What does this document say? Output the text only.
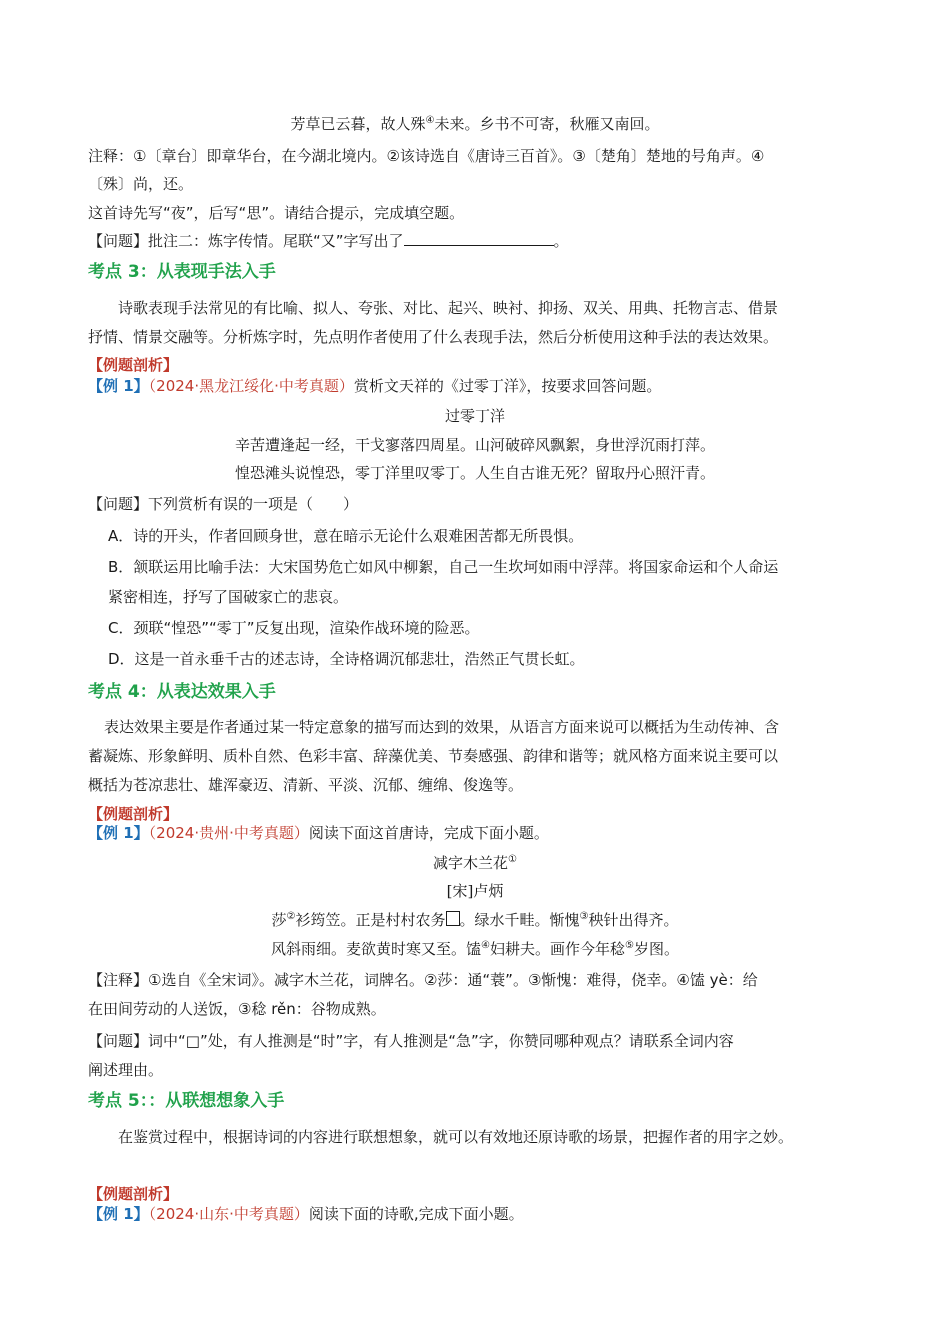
芳草已云暮，故人殊④未来。乡书不可寄，秋雁又南回。
注释：①〔章台〕即章华台，在今湖北境内。②该诗选自《唐诗三百首》。③〔楚角〕楚地的号角声。④
〔殊〕尚，还。
这首诗先写“夜”，后写“思”。请结合提示，完成填空题。
【问题】批注二：炼字传情。尾联“又”字写出了	。
考点 3：从表现手法入手
诗歌表现手法常见的有比喻、拟人、夸张、对比、起兴、映衬、抑扬、双关、用典、托物言志、借景
抒情、情景交融等。分析炼字时，先点明作者使用了什么表现手法，然后分析使用这种手法的表达效果。
【例题剖析】
【例 1】（2024·黑龙江绥化·中考真题）赏析文天祥的《过零丁洋》，按要求回答问题。
过零丁洋
辛苦遭逢起一经，干戈寥落四周星。山河破碎风飘絮，身世浮沉雨打萍。
惶恐滩头说惶恐，零丁洋里叹零丁。人生自古谁无死？留取丹心照汗青。
【问题】下列赏析有误的一项是（　　）
A．诗的开头，作者回顾身世，意在暗示无论什么艰难困苦都无所畏惧。
B．颔联运用比喻手法：大宋国势危亡如风中柳絮，自己一生坎坷如雨中浮萍。将国家命运和个人命运
紧密相连，抒写了国破家亡的悲哀。
C．颈联“惶恐”“零丁”反复出现，渲染作战环境的险恶。
D．这是一首永垂千古的述志诗，全诗格调沉郁悲壮，浩然正气贯长虹。
考点 4：从表达效果入手
表达效果主要是作者通过某一特定意象的描写而达到的效果，从语言方面来说可以概括为生动传神、含
蓄凝炼、形象鲜明、质朴自然、色彩丰富、辞藻优美、节奏感强、韵律和谐等；就风格方面来说主要可以
概括为苍凉悲壮、雄浑豪迈、清新、平淡、沉郁、缠绵、俊逸等。
【例题剖析】
【例 1】（2024·贵州·中考真题）阅读下面这首唐诗，完成下面小题。
减字木兰花①
[宋]卢炳
莎②衫筠笠。正是村村农务 。绿水千畦。惭愧③秧针出得齐。
风斜雨细。麦欲黄时寒又至。馌④妇耕夫。画作今年稔⑤岁图。
【注释】①选自《全宋词》。减字木兰花，词牌名。②莎：通“蓑”。③惭愧：难得，侥幸。④馌 yè：给
在田间劳动的人送饭，③稔 rěn：谷物成熟。
【问题】词中“□”处，有人推测是“时”字，有人推测是“急”字，你赞同哪种观点？请联系全词内容
阐述理由。
考点 5：：从联想想象入手
在鉴赏过程中，根据诗词的内容进行联想想象，就可以有效地还原诗歌的场景，把握作者的用字之妙。
【例题剖析】
【例 1】（2024·山东·中考真题）阅读下面的诗歌,完成下面小题。
